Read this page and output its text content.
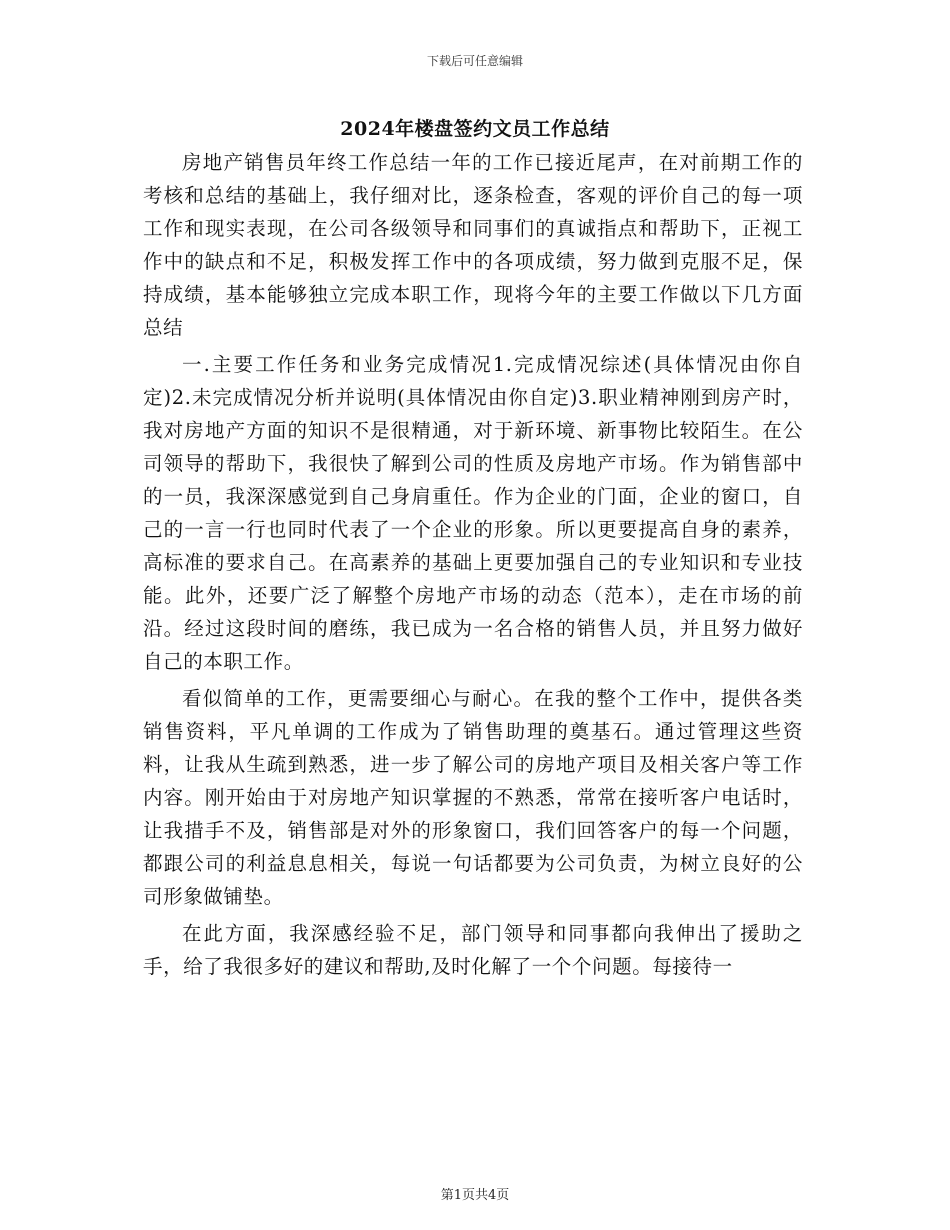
下载后可任意编辑
2024年楼盘签约文员工作总结

房地产销售员年终工作总结一年的工作已接近尾声，在对前期工作的考核和总结的基础上，我仔细对比，逐条检查，客观的评价自己的每一项工作和现实表现，在公司各级领导和同事们的真诚指点和帮助下，正视工作中的缺点和不足，积极发挥工作中的各项成绩，努力做到克服不足，保持成绩，基本能够独立完成本职工作，现将今年的主要工作做以下几方面总结

一.主要工作任务和业务完成情况1.完成情况综述(具体情况由你自定)2.未完成情况分析并说明(具体情况由你自定)3.职业精神刚到房产时，我对房地产方面的知识不是很精通，对于新环境、新事物比较陌生。在公司领导的帮助下，我很快了解到公司的性质及房地产市场。作为销售部中的一员，我深深感觉到自己身肩重任。作为企业的门面，企业的窗口，自己的一言一行也同时代表了一个企业的形象。所以更要提高自身的素养，高标准的要求自己。在高素养的基础上更要加强自己的专业知识和专业技能。此外，还要广泛了解整个房地产市场的动态（范本），走在市场的前沿。经过这段时间的磨练，我已成为一名合格的销售人员，并且努力做好自己的本职工作。

看似简单的工作，更需要细心与耐心。在我的整个工作中，提供各类销售资料，平凡单调的工作成为了销售助理的奠基石。通过管理这些资料，让我从生疏到熟悉，进一步了解公司的房地产项目及相关客户等工作内容。刚开始由于对房地产知识掌握的不熟悉，常常在接听客户电话时，让我措手不及，销售部是对外的形象窗口，我们回答客户的每一个问题，都跟公司的利益息息相关，每说一句话都要为公司负责，为树立良好的公司形象做铺垫。

在此方面，我深感经验不足，部门领导和同事都向我伸出了援助之手，给了我很多好的建议和帮助,及时化解了一个个问题。每接待一

第1页共4页
